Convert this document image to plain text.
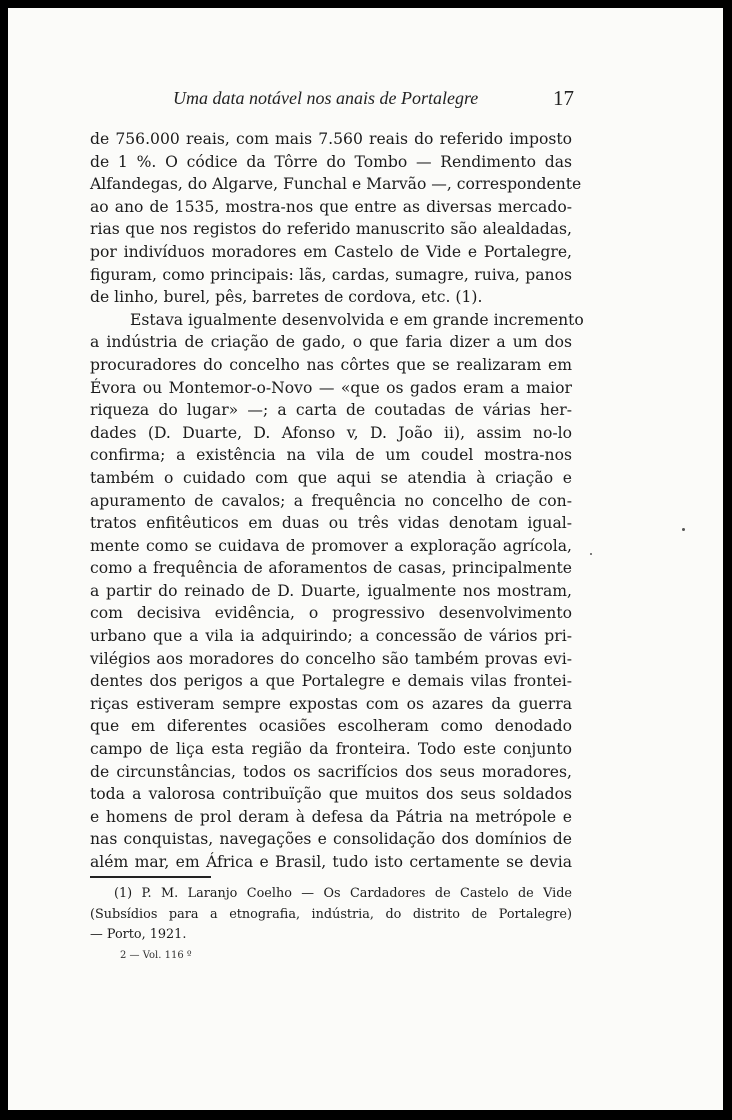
Uma data notável nos anais de Portalegre	17
de 756.000 reais, com mais 7.560 reais do referido imposto
de 1 %. O códice da Tôrre do Tombo — Rendimento das
Alfandegas, do Algarve, Funchal e Marvão —, correspondente
ao ano de 1535, mostra-nos que entre as diversas mercado-
rias que nos registos do referido manuscrito são alealdadas,
por indivíduos moradores em Castelo de Vide e Portalegre,
figuram, como principais: lãs, cardas, sumagre, ruiva, panos
de linho, burel, pês, barretes de cordova, etc. (1).
Estava igualmente desenvolvida e em grande incremento
a indústria de criação de gado, o que faria dizer a um dos
procuradores do concelho nas côrtes que se realizaram em
Évora ou Montemor-o-Novo — «que os gados eram a maior
riqueza do lugar» —; a carta de coutadas de várias her-
dades (D. Duarte, D. Afonso v, D. João ii), assim no-lo
confirma; a existência na vila de um coudel mostra-nos
também o cuidado com que aqui se atendia à criação e
apuramento de cavalos; a frequência no concelho de con-
tratos enfitêuticos em duas ou três vidas denotam igual-
mente como se cuidava de promover a exploração agrícola,
como a frequência de aforamentos de casas, principalmente
a partir do reinado de D. Duarte, igualmente nos mostram,
com decisiva evidência, o progressivo desenvolvimento
urbano que a vila ia adquirindo; a concessão de vários pri-
vilégios aos moradores do concelho são também provas evi-
dentes dos perigos a que Portalegre e demais vilas frontei-
riças estiveram sempre expostas com os azares da guerra
que em diferentes ocasiões escolheram como denodado
campo de liça esta região da fronteira. Todo este conjunto
de circunstâncias, todos os sacrifícios dos seus moradores,
toda a valorosa contribuïção que muitos dos seus soldados
e homens de prol deram à defesa da Pátria na metrópole e
nas conquistas, navegações e consolidação dos domínios de
além mar, em África e Brasil, tudo isto certamente se devia
(1) P. M. Laranjo Coelho — Os Cardadores de Castelo de Vide
(Subsídios para a etnografia, indústria, do distrito de Portalegre)
— Porto, 1921.
2 — Vol. 116 º
